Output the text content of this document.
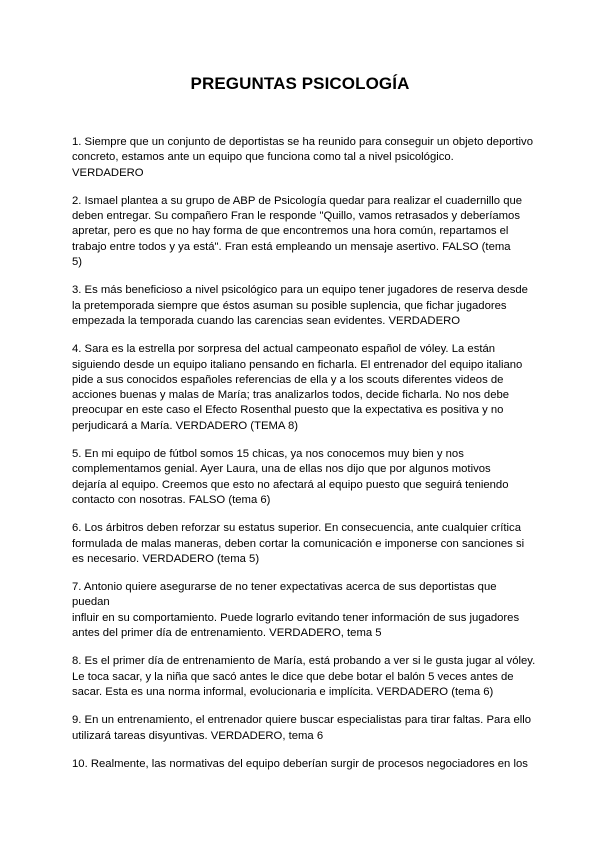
PREGUNTAS PSICOLOGÍA
1. Siempre que un conjunto de deportistas se ha reunido para conseguir un objeto deportivo
concreto, estamos ante un equipo que funciona como tal a nivel psicológico.
VERDADERO
2. Ismael plantea a su grupo de ABP de Psicología quedar para realizar el cuadernillo que
deben entregar. Su compañero Fran le responde "Quillo, vamos retrasados y deberíamos
apretar, pero es que no hay forma de que encontremos una hora común, repartamos el
trabajo entre todos y ya está". Fran está empleando un mensaje asertivo. FALSO (tema
5)
3. Es más beneficioso a nivel psicológico para un equipo tener jugadores de reserva desde
la pretemporada siempre que éstos asuman su posible suplencia, que fichar jugadores
empezada la temporada cuando las carencias sean evidentes. VERDADERO
4. Sara es la estrella por sorpresa del actual campeonato español de vóley. La están
siguiendo desde un equipo italiano pensando en ficharla. El entrenador del equipo italiano
pide a sus conocidos españoles referencias de ella y a los scouts diferentes videos de
acciones buenas y malas de María; tras analizarlos todos, decide ficharla. No nos debe
preocupar en este caso el Efecto Rosenthal puesto que la expectativa es positiva y no
perjudicará a María. VERDADERO (TEMA 8)
5. En mi equipo de fútbol somos 15 chicas, ya nos conocemos muy bien y nos
complementamos genial. Ayer Laura, una de ellas nos dijo que por algunos motivos
dejaría al equipo. Creemos que esto no afectará al equipo puesto que seguirá teniendo
contacto con nosotras. FALSO (tema 6)
6. Los árbitros deben reforzar su estatus superior. En consecuencia, ante cualquier crítica
formulada de malas maneras, deben cortar la comunicación e imponerse con sanciones si
es necesario. VERDADERO (tema 5)
7. Antonio quiere asegurarse de no tener expectativas acerca de sus deportistas que
puedan
influir en su comportamiento. Puede lograrlo evitando tener información de sus jugadores
antes del primer día de entrenamiento. VERDADERO, tema 5
8. Es el primer día de entrenamiento de María, está probando a ver si le gusta jugar al vóley.
Le toca sacar, y la niña que sacó antes le dice que debe botar el balón 5 veces antes de
sacar. Esta es una norma informal, evolucionaria e implícita. VERDADERO (tema 6)
9. En un entrenamiento, el entrenador quiere buscar especialistas para tirar faltas. Para ello
utilizará tareas disyuntivas. VERDADERO, tema 6
10. Realmente, las normativas del equipo deberían surgir de procesos negociadores en los
